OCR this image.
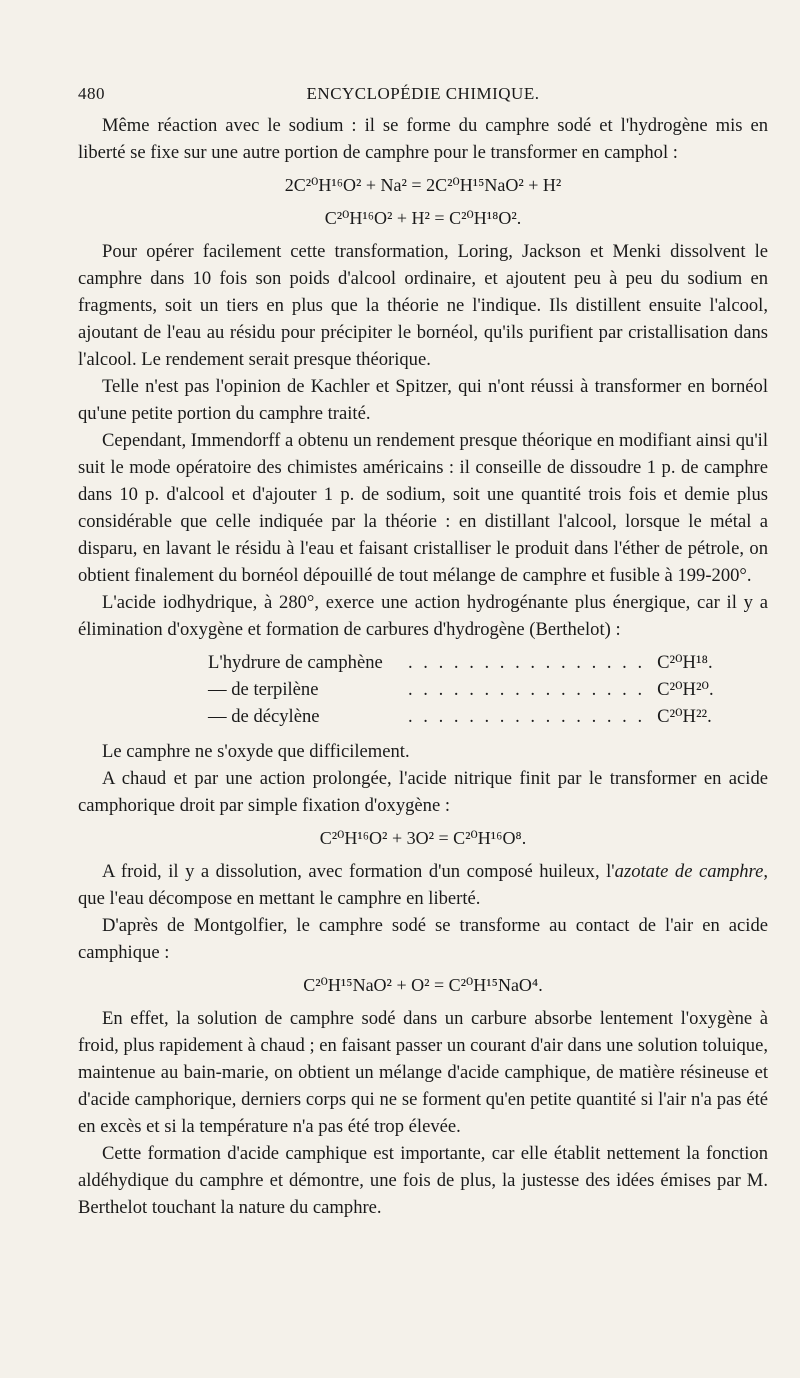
480	ENCYCLOPÉDIE CHIMIQUE.

Même réaction avec le sodium : il se forme du camphre sodé et l'hydrogène mis en liberté se fixe sur une autre portion de camphre pour le transformer en camphol :

2C²⁰H¹⁶O² + Na² = 2C²⁰H¹⁵NaO² + H²
C²⁰H¹⁶O² + H² = C²⁰H¹⁸O².

Pour opérer facilement cette transformation, Loring, Jackson et Menki dissolvent le camphre dans 10 fois son poids d'alcool ordinaire, et ajoutent peu à peu du sodium en fragments, soit un tiers en plus que la théorie ne l'indique. Ils distillent ensuite l'alcool, ajoutant de l'eau au résidu pour précipiter le bornéol, qu'ils purifient par cristallisation dans l'alcool. Le rendement serait presque théorique.

Telle n'est pas l'opinion de Kachler et Spitzer, qui n'ont réussi à transformer en bornéol qu'une petite portion du camphre traité.

Cependant, Immendorff a obtenu un rendement presque théorique en modifiant ainsi qu'il suit le mode opératoire des chimistes américains : il conseille de dissoudre 1 p. de camphre dans 10 p. d'alcool et d'ajouter 1 p. de sodium, soit une quantité trois fois et demie plus considérable que celle indiquée par la théorie : en distillant l'alcool, lorsque le métal a disparu, en lavant le résidu à l'eau et faisant cristalliser le produit dans l'éther de pétrole, on obtient finalement du bornéol dépouillé de tout mélange de camphre et fusible à 199-200°.

L'acide iodhydrique, à 280°, exerce une action hydrogénante plus énergique, car il y a élimination d'oxygène et formation de carbures d'hydrogène (Berthelot) :

L'hydrure de camphène	. . . . . . . . . . . . . . . . C²⁰H¹⁸.
— de terpilène	. . . . . . . . . . . . . . . . C²⁰H²⁰.
— de décylène	. . . . . . . . . . . . . . . . C²⁰H²².

Le camphre ne s'oxyde que difficilement.

A chaud et par une action prolongée, l'acide nitrique finit par le transformer en acide camphorique droit par simple fixation d'oxygène :

C²⁰H¹⁶O² + 3O² = C²⁰H¹⁶O⁸.

A froid, il y a dissolution, avec formation d'un composé huileux, l'azotate de camphre, que l'eau décompose en mettant le camphre en liberté.

D'après de Montgolfier, le camphre sodé se transforme au contact de l'air en acide camphique :

C²⁰H¹⁵NaO² + O² = C²⁰H¹⁵NaO⁴.

En effet, la solution de camphre sodé dans un carbure absorbe lentement l'oxygène à froid, plus rapidement à chaud ; en faisant passer un courant d'air dans une solution toluique, maintenue au bain-marie, on obtient un mélange d'acide camphique, de matière résineuse et d'acide camphorique, derniers corps qui ne se forment qu'en petite quantité si l'air n'a pas été en excès et si la température n'a pas été trop élevée.

Cette formation d'acide camphique est importante, car elle établit nettement la fonction aldéhydique du camphre et démontre, une fois de plus, la justesse des idées émises par M. Berthelot touchant la nature du camphre.
